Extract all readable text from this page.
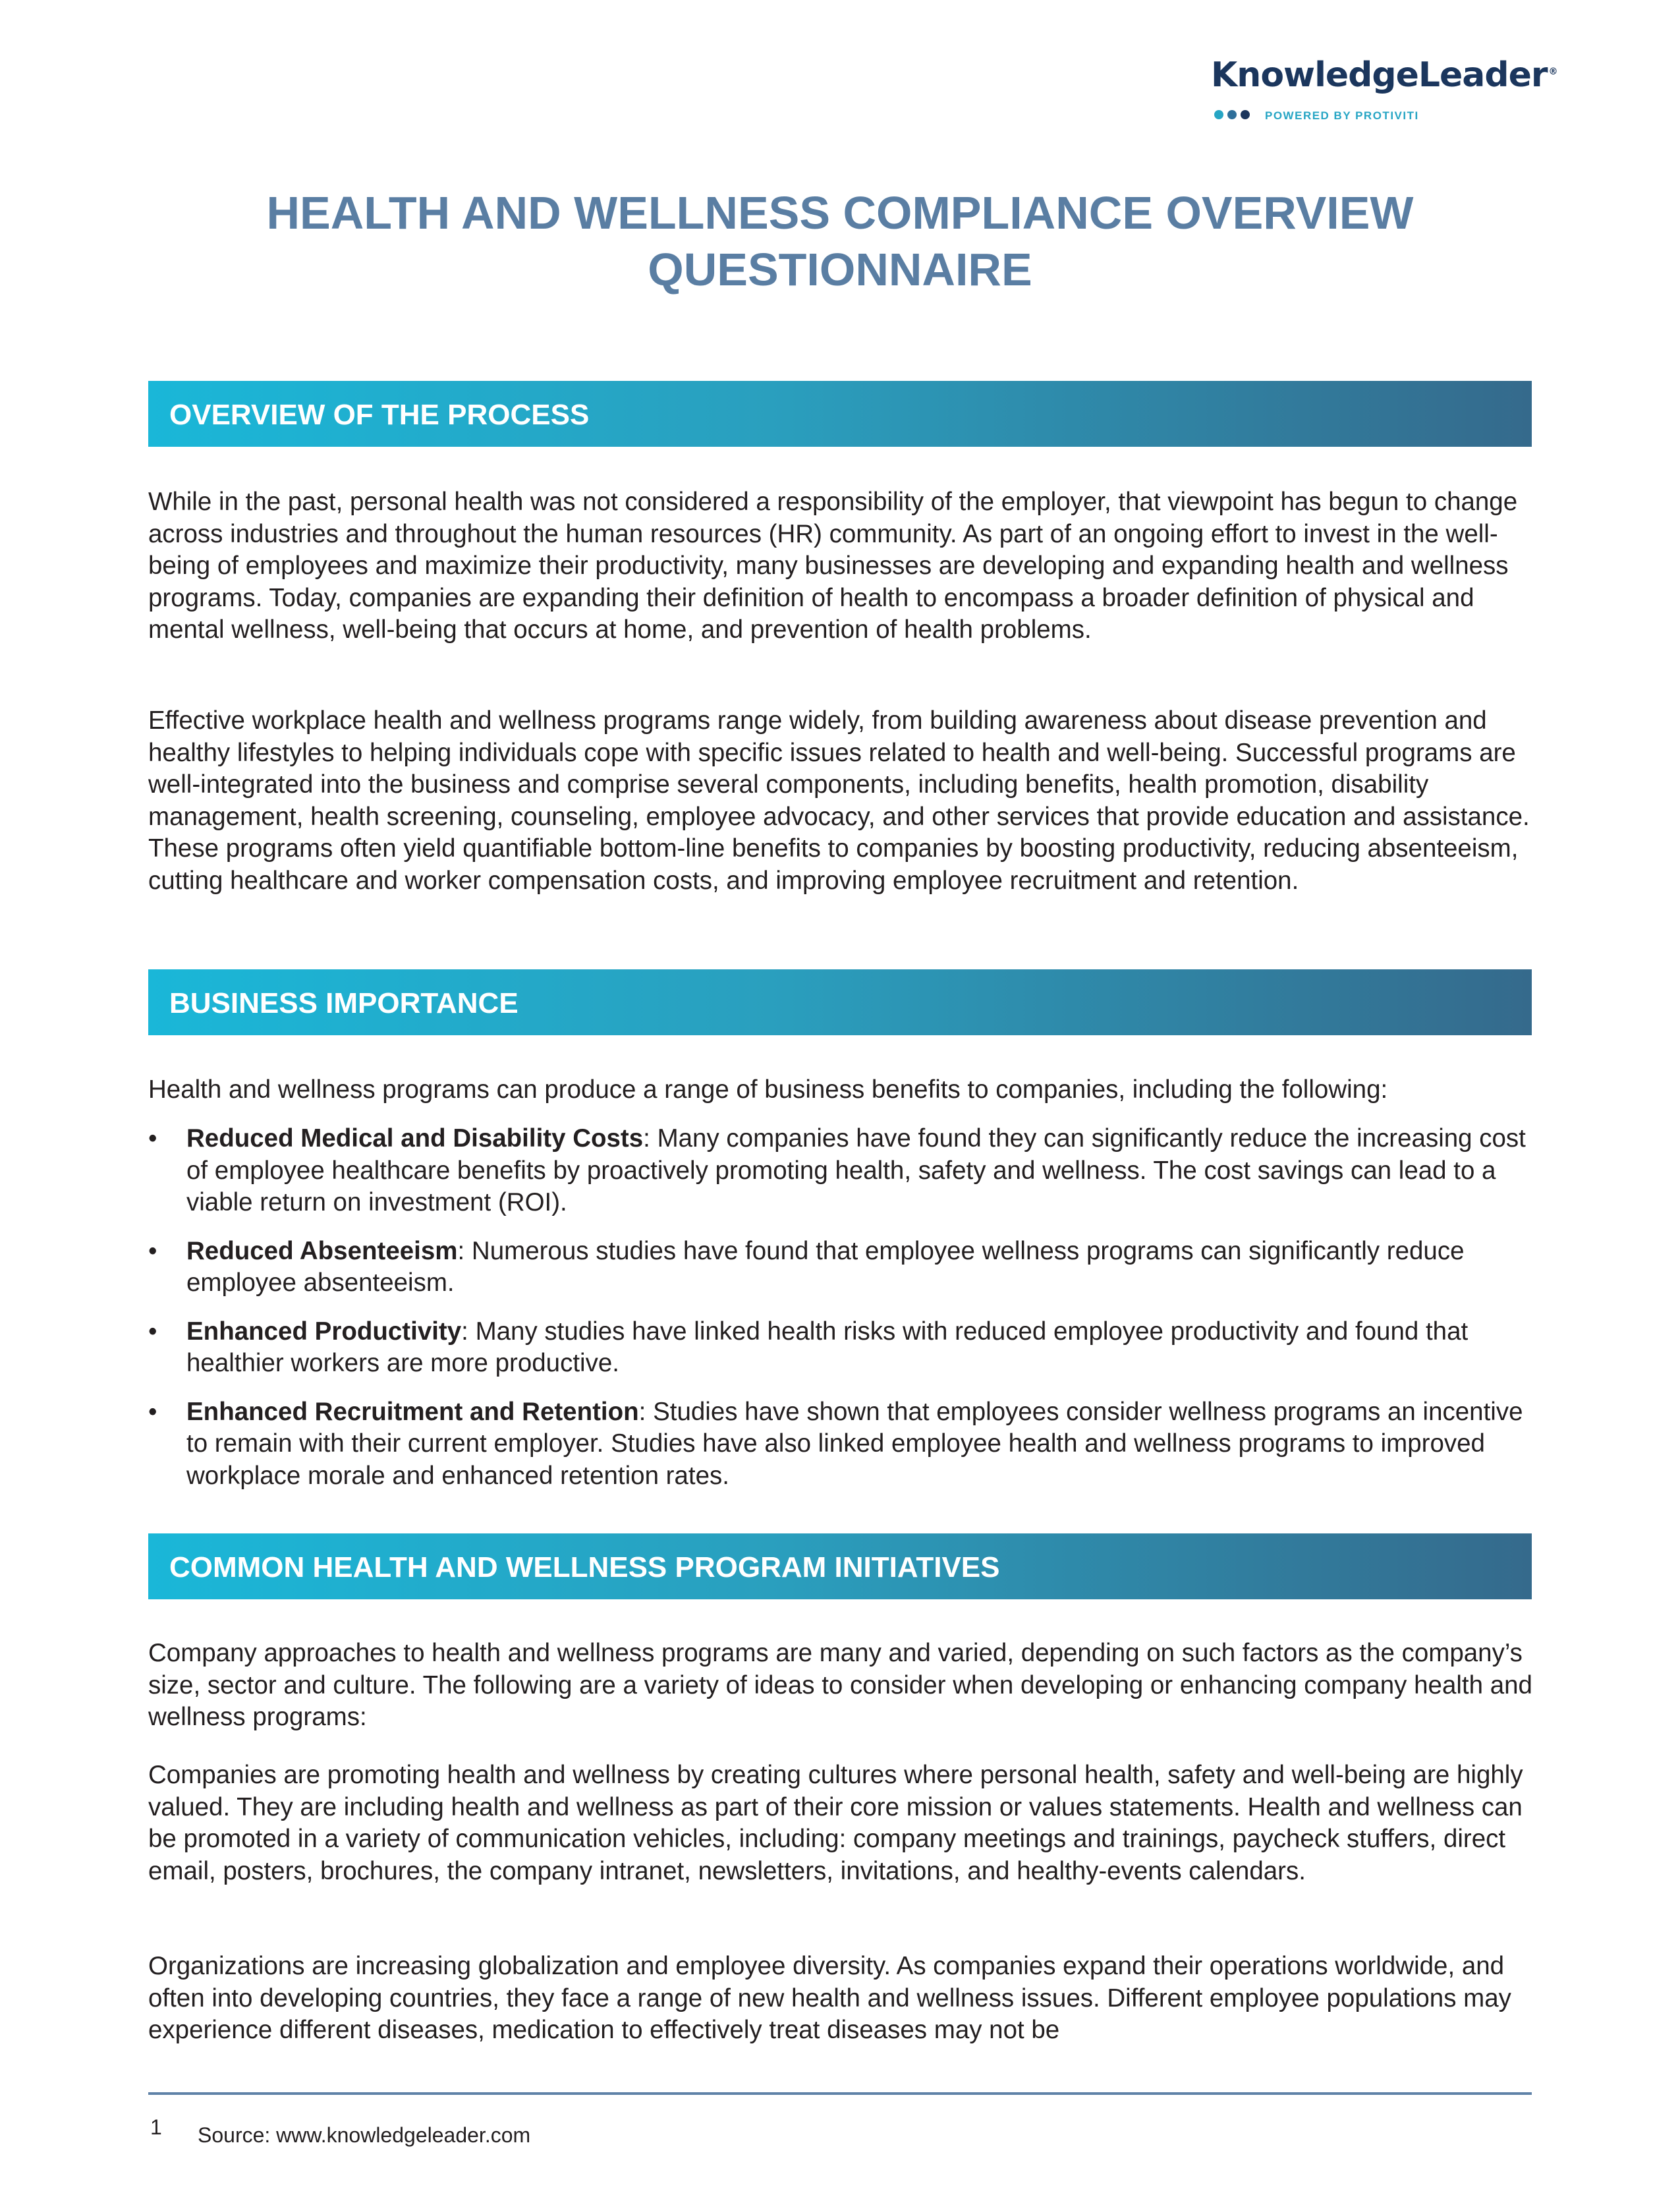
KnowledgeLeader ®
POWERED BY PROTIVITI
HEALTH AND WELLNESS COMPLIANCE OVERVIEW
QUESTIONNAIRE
OVERVIEW OF THE PROCESS

While in the past, personal health was not considered a responsibility of the employer, that viewpoint has begun to change across industries and throughout the human resources (HR) community. As part of an ongoing effort to invest in the well-being of employees and maximize their productivity, many businesses are developing and expanding health and wellness programs. Today, companies are expanding their definition of health to encompass a broader definition of physical and mental wellness, well-being that occurs at home, and prevention of health problems.

Effective workplace health and wellness programs range widely, from building awareness about disease prevention and healthy lifestyles to helping individuals cope with specific issues related to health and well-being. Successful programs are well-integrated into the business and comprise several components, including benefits, health promotion, disability management, health screening, counseling, employee advocacy, and other services that provide education and assistance. These programs often yield quantifiable bottom-line benefits to companies by boosting productivity, reducing absenteeism, cutting healthcare and worker compensation costs, and improving employee recruitment and retention.

BUSINESS IMPORTANCE

Health and wellness programs can produce a range of business benefits to companies, including the following:

• Reduced Medical and Disability Costs: Many companies have found they can significantly reduce the increasing cost of employee healthcare benefits by proactively promoting health, safety and wellness. The cost savings can lead to a viable return on investment (ROI).
• Reduced Absenteeism: Numerous studies have found that employee wellness programs can significantly reduce employee absenteeism.
• Enhanced Productivity: Many studies have linked health risks with reduced employee productivity and found that healthier workers are more productive.
• Enhanced Recruitment and Retention: Studies have shown that employees consider wellness programs an incentive to remain with their current employer. Studies have also linked employee health and wellness programs to improved workplace morale and enhanced retention rates.
COMMON HEALTH AND WELLNESS PROGRAM INITIATIVES

Company approaches to health and wellness programs are many and varied, depending on such factors as the company’s size, sector and culture. The following are a variety of ideas to consider when developing or enhancing company health and wellness programs:

Companies are promoting health and wellness by creating cultures where personal health, safety and well-being are highly valued. They are including health and wellness as part of their core mission or values statements. Health and wellness can be promoted in a variety of communication vehicles, including: company meetings and trainings, paycheck stuffers, direct email, posters, brochures, the company intranet, newsletters, invitations, and healthy-events calendars.

Organizations are increasing globalization and employee diversity. As companies expand their operations worldwide, and often into developing countries, they face a range of new health and wellness issues. Different employee populations may experience different diseases, medication to effectively treat diseases may not be

1 Source: www.knowledgeleader.com
